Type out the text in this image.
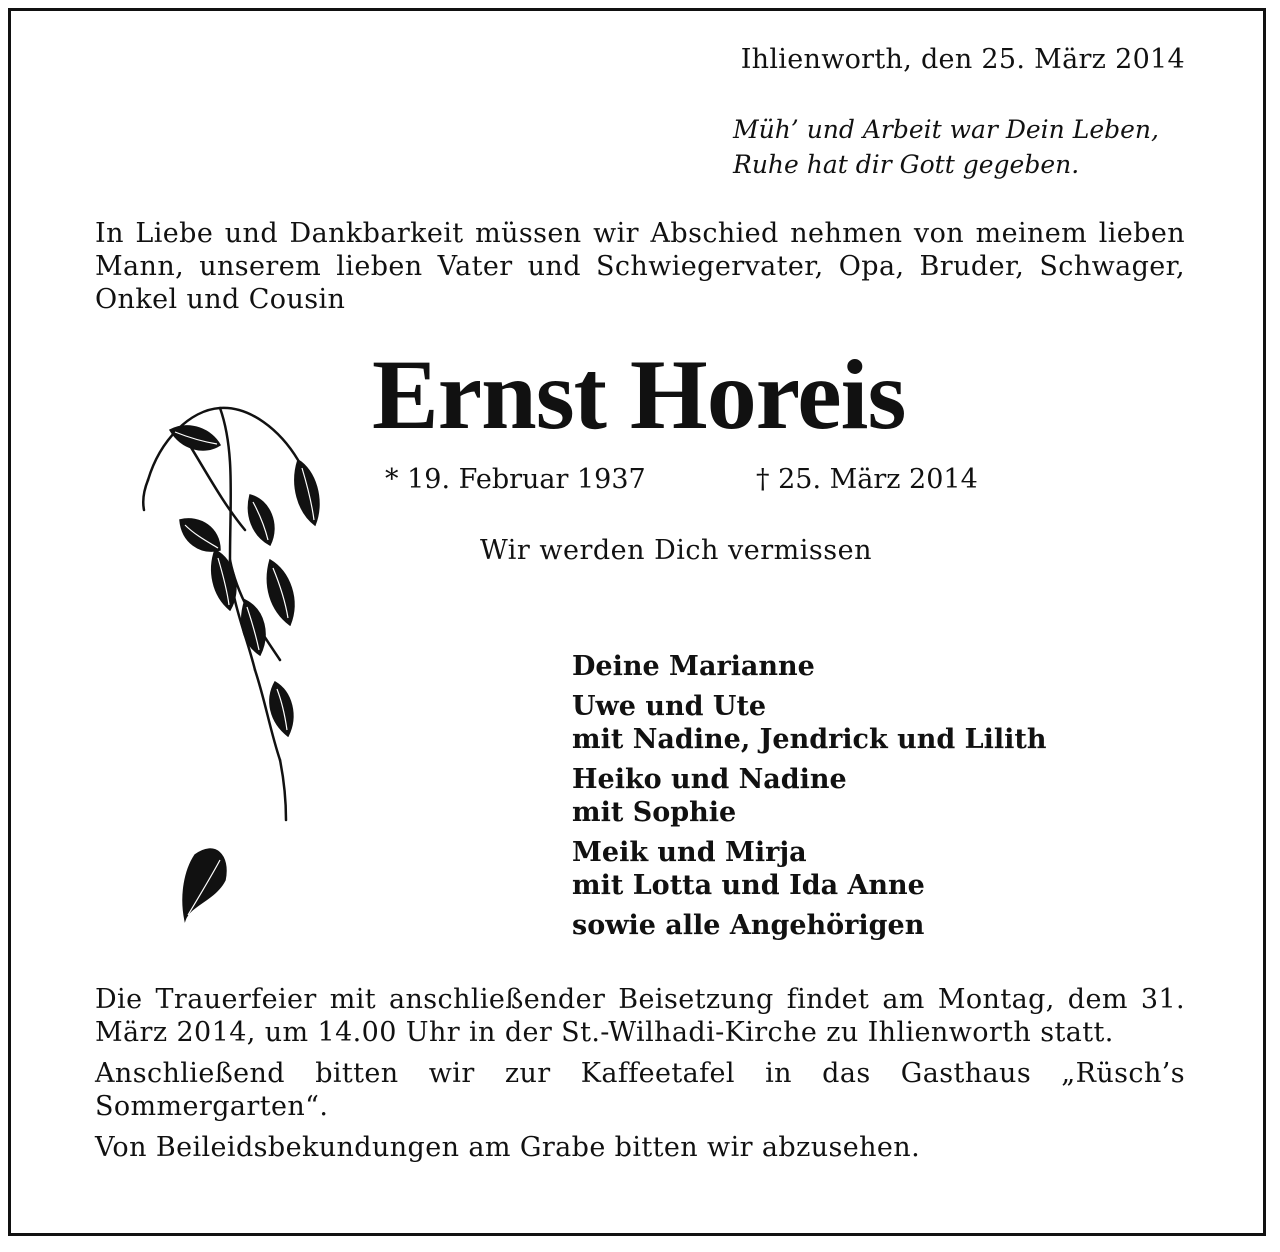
Ihlienworth, den 25. März 2014
Müh’ und Arbeit war Dein Leben,
Ruhe hat dir Gott gegeben.
In Liebe und Dankbarkeit müssen wir Abschied nehmen von meinem lieben Mann, unserem lieben Vater und Schwiegervater, Opa, Bruder, Schwager, Onkel und Cousin
Ernst Horeis
* 19. Februar 1937	† 25. März 2014
Wir werden Dich vermissen
Deine Marianne
Uwe und Ute
mit Nadine, Jendrick und Lilith
Heiko und Nadine
mit Sophie
Meik und Mirja
mit Lotta und Ida Anne
sowie alle Angehörigen

Die Trauerfeier mit anschließender Beisetzung findet am Montag, dem 31. März 2014, um 14.00 Uhr in der St.-Wilhadi-Kirche zu Ihlienworth statt.

Anschließend bitten wir zur Kaffeetafel in das Gasthaus „Rüsch’s Sommergarten“.

Von Beileidsbekundungen am Grabe bitten wir abzusehen.
